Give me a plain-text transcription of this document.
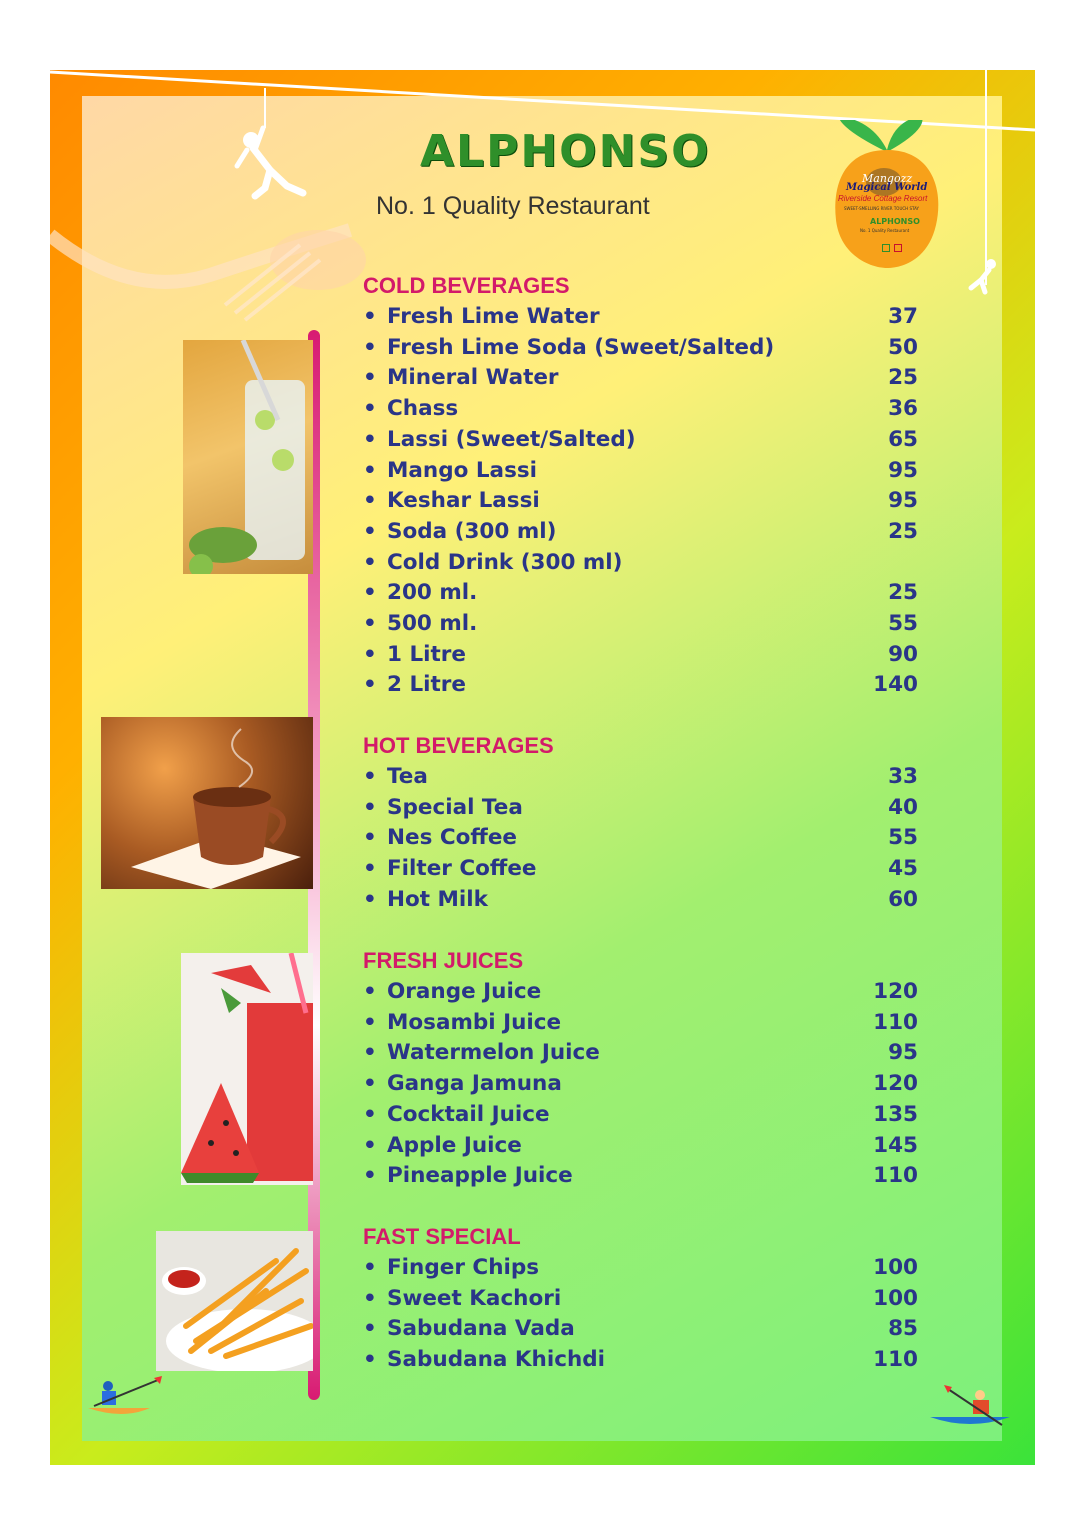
ALPHONSO
No. 1 Quality Restaurant
Mangozz
Magical World
Riverside Cottage Resort
SWEET-SMELLING RIVER TOUCH STAY
ALPHONSO
No. 1 Quality Restaurant
COLD BEVERAGES
• Fresh Lime Water	37
• Fresh Lime Soda (Sweet/Salted)	50
• Mineral Water	25
• Chass	36
• Lassi (Sweet/Salted)	65
• Mango Lassi	95
• Keshar Lassi	95
• Soda (300 ml)	25
• Cold Drink (300 ml)
• 200 ml.	25
• 500 ml.	55
• 1 Litre	90
• 2 Litre	140
HOT BEVERAGES
• Tea	33
• Special Tea	40
• Nes Coffee	55
• Filter Coffee	45
• Hot Milk	60
FRESH JUICES
• Orange Juice	120
• Mosambi Juice	110
• Watermelon Juice	95
• Ganga Jamuna	120
• Cocktail Juice	135
• Apple Juice	145
• Pineapple Juice	110
FAST SPECIAL
• Finger Chips	100
• Sweet Kachori	100
• Sabudana Vada	85
• Sabudana Khichdi	110
